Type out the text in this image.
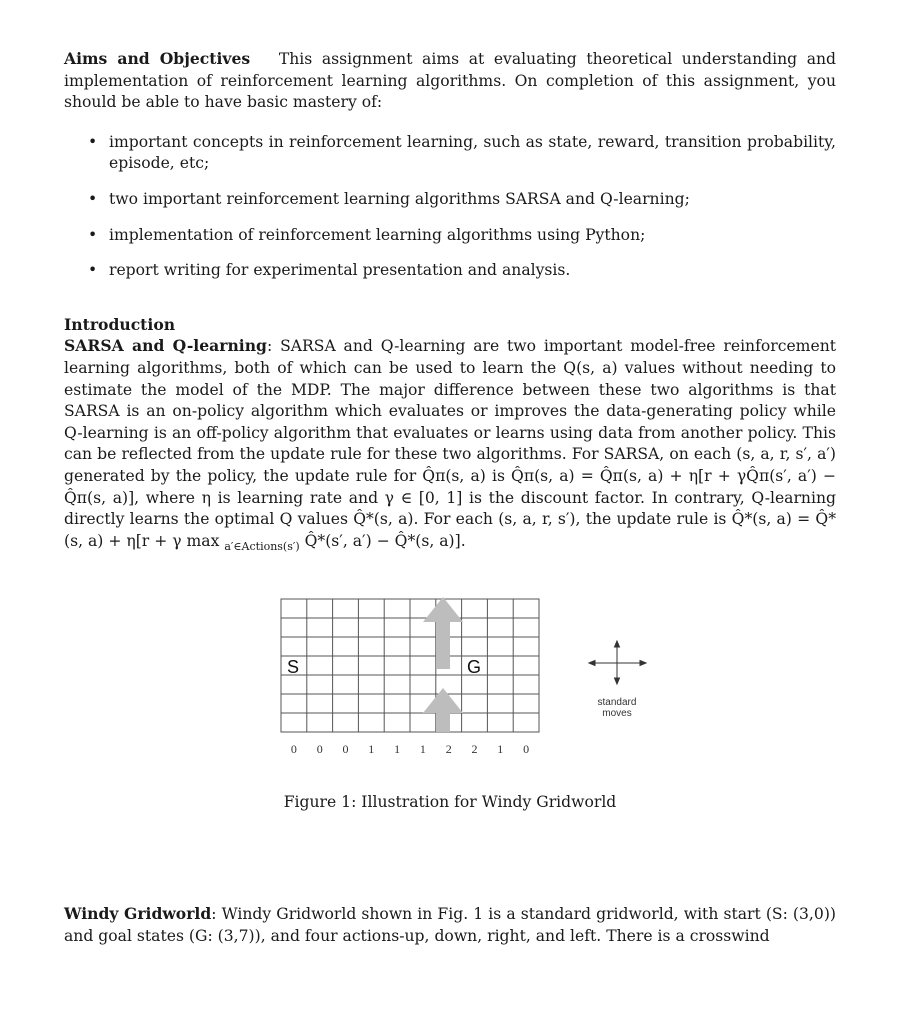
Aims and Objectives This assignment aims at evaluating theoretical understanding and implementation of reinforcement learning algorithms. On completion of this assignment, you should be able to have basic mastery of:

• important concepts in reinforcement learning, such as state, reward, transition probability, episode, etc;
• two important reinforcement learning algorithms SARSA and Q-learning;
• implementation of reinforcement learning algorithms using Python;
• report writing for experimental presentation and analysis.
Introduction

SARSA and Q-learning: SARSA and Q-learning are two important model-free reinforcement learning algorithms, both of which can be used to learn the Q(s, a) values without needing to estimate the model of the MDP. The major difference between these two algorithms is that SARSA is an on-policy algorithm which evaluates or improves the data-generating policy while Q-learning is an off-policy algorithm that evaluates or learns using data from another policy. This can be reflected from the update rule for these two algorithms. For SARSA, on each (s, a, r, s′, a′) generated by the policy, the update rule for Q̂π(s, a) is Q̂π(s, a) = Q̂π(s, a) + η[r + γQ̂π(s′, a′) − Q̂π(s, a)], where η is learning rate and γ ∈ [0, 1] is the discount factor. In contrary, Q-learning directly learns the optimal Q values Q̂*(s, a). For each (s, a, r, s′), the update rule is Q̂*(s, a) = Q̂*(s, a) + η[r + γ max $_{a'\in Actions(s')}$ Q̂*(s′, a′) − Q̂*(s, a)].

S	G
0 0 0 1 1 1 2 2 1 0
standard
moves
Figure 1: Illustration for Windy Gridworld

Windy Gridworld: Windy Gridworld shown in Fig. 1 is a standard gridworld, with start (S: (3,0)) and goal states (G: (3,7)), and four actions-up, down, right, and left. There is a crosswind
